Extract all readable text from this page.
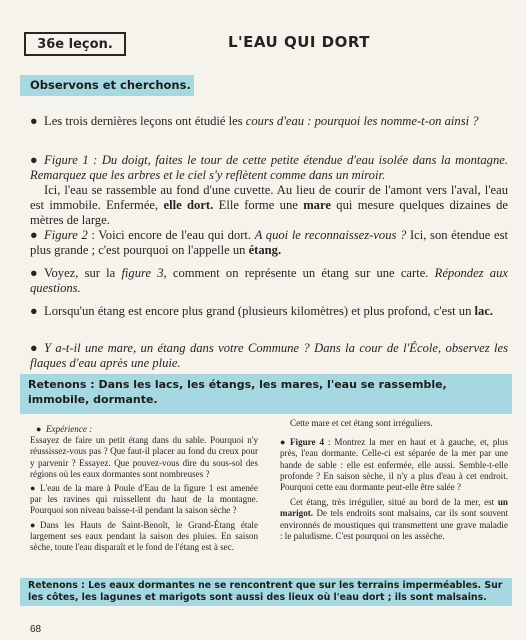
36e leçon.	L'EAU QUI DORT
Observons et cherchons.

● Les trois dernières leçons ont étudié les cours d'eau : pourquoi les nomme-t-on ainsi ?

● Figure 1 : Du doigt, faites le tour de cette petite étendue d'eau isolée dans la montagne. Remarquez que les arbres et le ciel s'y reflètent comme dans un miroir.

Ici, l'eau se rassemble au fond d'une cuvette. Au lieu de courir de l'amont vers l'aval, l'eau est immobile. Enfermée, elle dort. Elle forme une mare qui mesure quelques dizaines de mètres de large.

● Figure 2 : Voici encore de l'eau qui dort. A quoi le reconnaissez-vous ? Ici, son étendue est plus grande ; c'est pourquoi on l'appelle un étang.

● Voyez, sur la figure 3, comment on représente un étang sur une carte. Répondez aux questions.

● Lorsqu'un étang est encore plus grand (plusieurs kilomètres) et plus profond, c'est un lac.

● Y a-t-il une mare, un étang dans votre Commune ? Dans la cour de l'École, observez les flaques d'eau après une pluie.

Retenons : Dans les lacs, les étangs, les mares, l'eau se rassemble, immobile, dormante.

● Expérience :

Essayez de faire un petit étang dans du sable. Pourquoi n'y réussissez-vous pas ? Que faut-il placer au fond du creux pour y parvenir ? Essayez. Que pouvez-vous dire du sous-sol des régions où les eaux dormantes sont nombreuses ?

● L'eau de la mare à Poule d'Eau de la figure 1 est amenée par les ravines qui ruissellent du haut de la montagne. Pourquoi son niveau baisse-t-il pendant la saison sèche ?

● Dans les Hauts de Saint-Benoît, le Grand-Étang étale largement ses eaux pendant la saison des pluies. En saison sèche, toute l'eau disparaît et le fond de l'étang est à sec.

Cette mare et cet étang sont irréguliers.

● Figure 4 : Montrez la mer en haut et à gauche, et, plus près, l'eau dormante. Celle-ci est séparée de la mer par une bande de sable : elle est enfermée, elle aussi. Semble-t-elle profonde ? En saison sèche, il n'y a plus d'eau à cet endroit. Pourquoi cette eau dormante peut-elle être salée ?

Cet étang, très irrégulier, situé au bord de la mer, est un marigot. De tels endroits sont malsains, car ils sont souvent environnés de moustiques qui transmettent une grave maladie : le paludisme. C'est pourquoi on les assèche.

Retenons : Les eaux dormantes ne se rencontrent que sur les terrains imperméables. Sur les côtes, les lagunes et marigots sont aussi des lieux où l'eau dort ; ils sont malsains.
68
